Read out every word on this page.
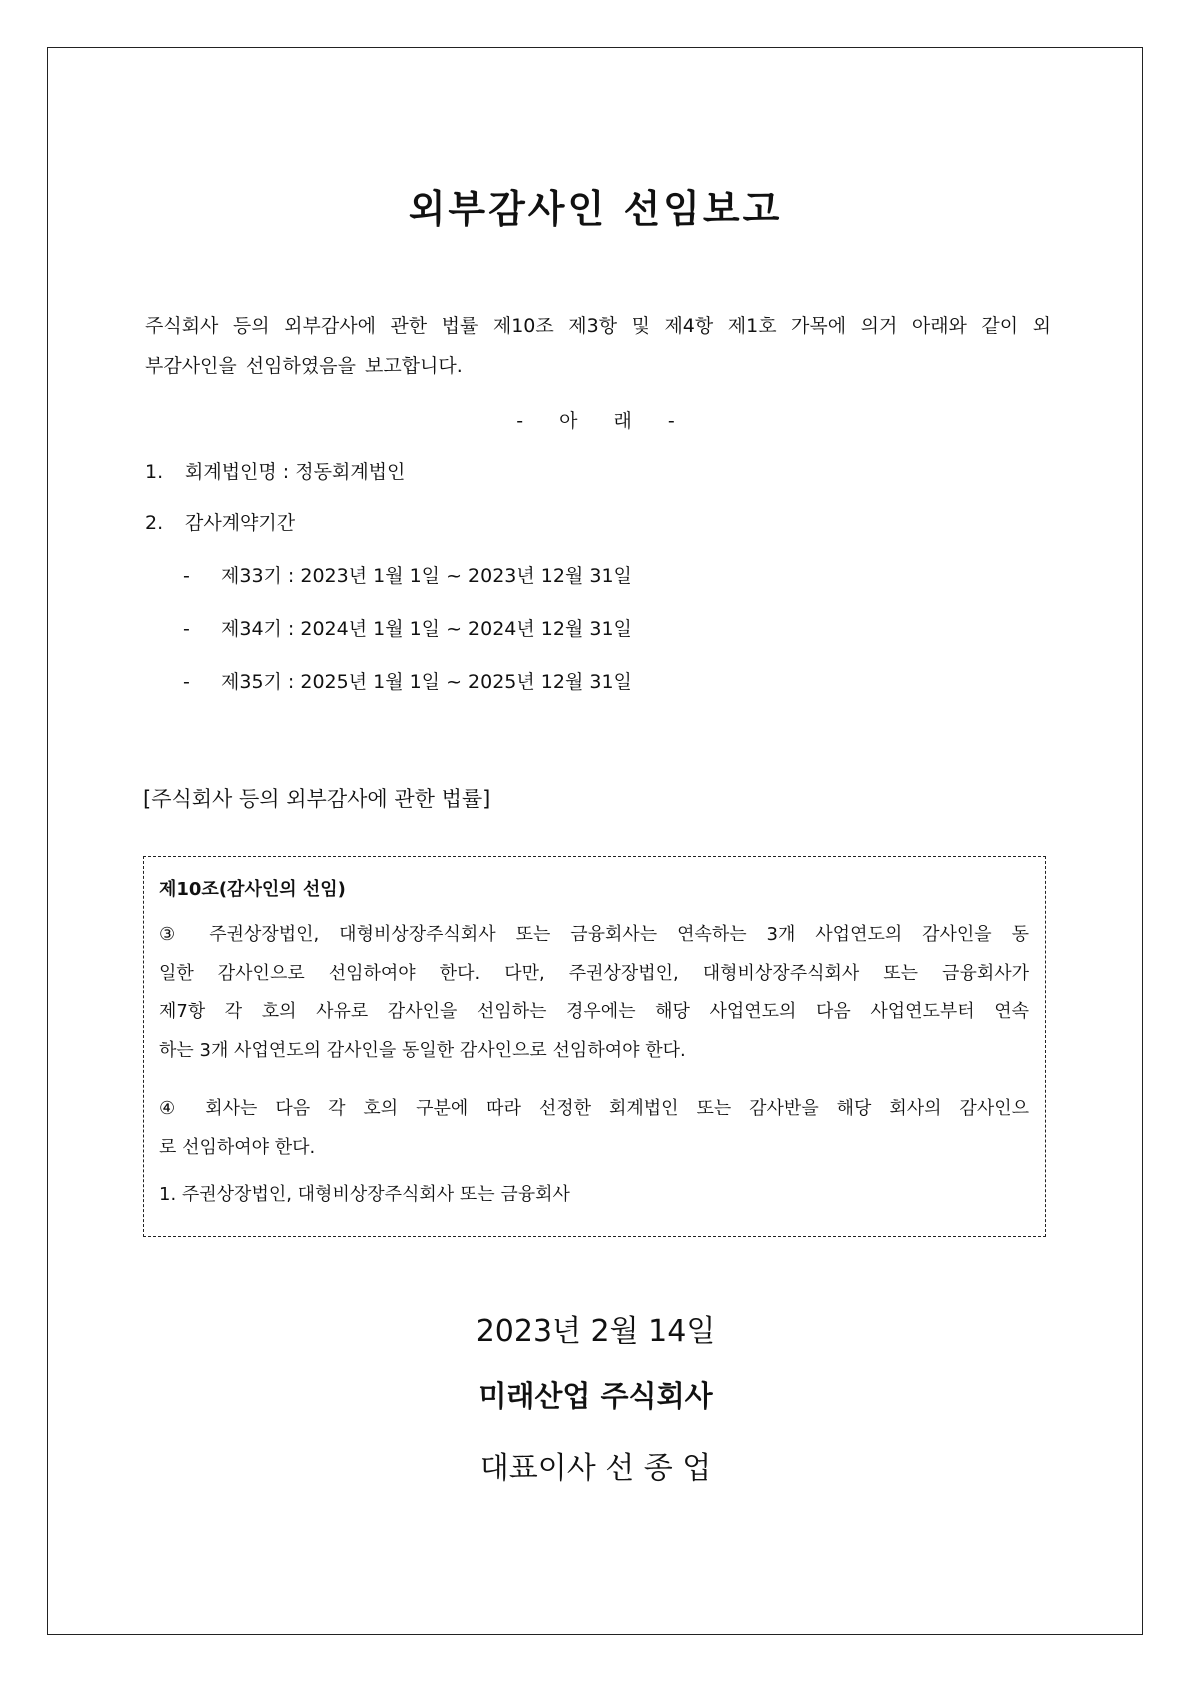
외부감사인 선임보고
주식회사 등의 외부감사에 관한 법률 제10조 제3항 및 제4항 제1호 가목에 의거 아래와 같이 외
부감사인을 선임하였음을 보고합니다.
- 아 래 -
1. 회계법인명 : 정동회계법인
2. 감사계약기간
- 제33기 : 2023년 1월 1일 ~ 2023년 12월 31일
- 제34기 : 2024년 1월 1일 ~ 2024년 12월 31일
- 제35기 : 2025년 1월 1일 ~ 2025년 12월 31일
[주식회사 등의 외부감사에 관한 법률]
제10조(감사인의 선임)
③ 주권상장법인, 대형비상장주식회사 또는 금융회사는 연속하는 3개 사업연도의 감사인을 동
일한 감사인으로 선임하여야 한다. 다만, 주권상장법인, 대형비상장주식회사 또는 금융회사가
제7항 각 호의 사유로 감사인을 선임하는 경우에는 해당 사업연도의 다음 사업연도부터 연속
하는 3개 사업연도의 감사인을 동일한 감사인으로 선임하여야 한다.
④ 회사는 다음 각 호의 구분에 따라 선정한 회계법인 또는 감사반을 해당 회사의 감사인으
로 선임하여야 한다.
1. 주권상장법인, 대형비상장주식회사 또는 금융회사
2023년 2월 14일
미래산업 주식회사
대표이사 선 종 업
